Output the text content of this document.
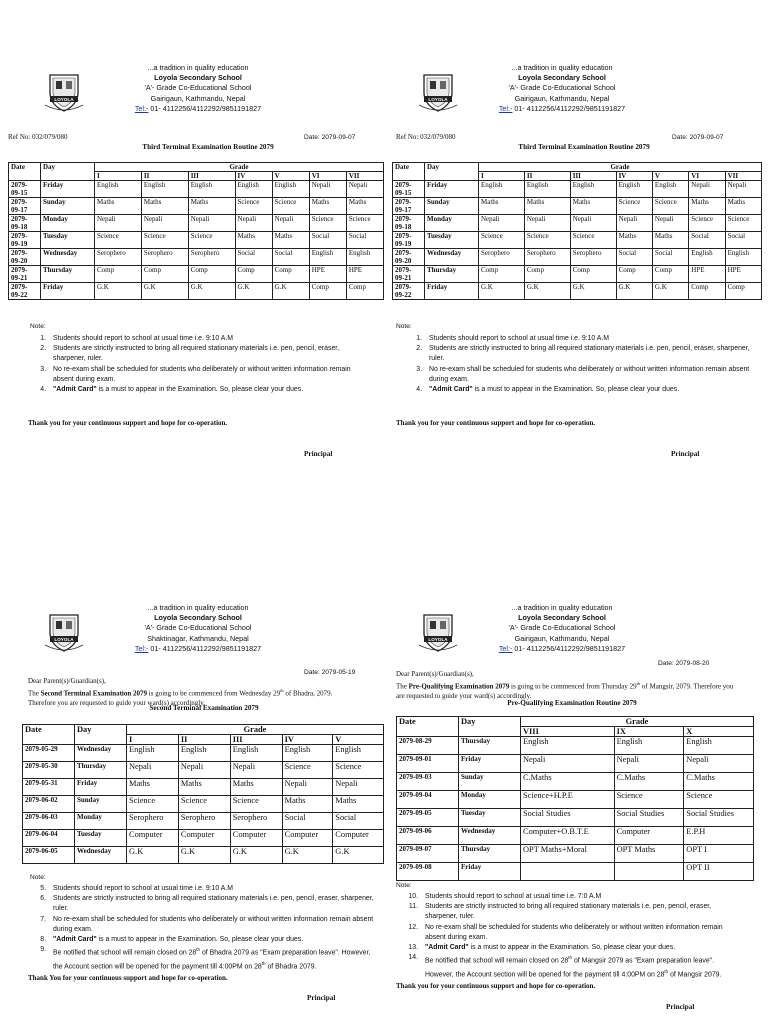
LOYOLA
...a tradition in quality education
Loyola Secondary School
'A'- Grade Co-Educational School
Gairigaun, Kathmandu, Nepal
Tel:- 01- 4112256/4112292/9851191827
Ref No: 032/079/080	Date: 2079-09-07
Third Terminal Examination Routine 2079
Date	Day	Grade						
		I	II	III	IV	V	VI	VII
2079-
09-15	Friday	English	English	English	English	English	Nepali	Nepali
2079-
09-17	Sunday	Maths	Maths	Maths	Science	Science	Maths	Maths
2079-
09-18	Monday	Nepali	Nepali	Nepali	Nepali	Nepali	Science	Science
2079-
09-19	Tuesday	Science	Science	Science	Maths	Maths	Social	Social
2079-
09-20	Wednesday	Serophero	Serophero	Serophero	Social	Social	English	English
2079-
09-21	Thursday	Comp	Comp	Comp	Comp	Comp	HPE	HPE
2079-
09-22	Friday	G.K	G.K	G.K	G.K	G.K	Comp	Comp
Note:
1. Students should report to school at usual time i.e. 9:10 A.M
2. Students are strictly instructed to bring all required stationary materials i.e. pen, pencil, eraser, sharpener, ruler.
3. No re-exam shall be scheduled for students who deliberately or without written information remain absent during exam.
4. "Admit Card" is a must to appear in the Examination. So, please clear your dues.
Thank you for your continuous support and hope for co-operation.
Principal
LOYOLA
...a tradition in quality education
Loyola Secondary School
'A'- Grade Co-Educational School
Gairigaun, Kathmandu, Nepal
Tel:- 01- 4112256/4112292/9851191827
Ref No: 032/079/080	Date: 2079-09-07
Third Terminal Examination Routine 2079
Date	Day	Grade						
		I	II	III	IV	V	VI	VII
2079-
09-15	Friday	English	English	English	English	English	Nepali	Nepali
2079-
09-17	Sunday	Maths	Maths	Maths	Science	Science	Maths	Maths
2079-
09-18	Monday	Nepali	Nepali	Nepali	Nepali	Nepali	Science	Science
2079-
09-19	Tuesday	Science	Science	Science	Maths	Maths	Social	Social
2079-
09-20	Wednesday	Serophero	Serophero	Serophero	Social	Social	English	English
2079-
09-21	Thursday	Comp	Comp	Comp	Comp	Comp	HPE	HPE
2079-
09-22	Friday	G.K	G.K	G.K	G.K	G.K	Comp	Comp
Note:
1. Students should report to school at usual time i.e. 9:10 A.M
2. Students are strictly instructed to bring all required stationary materials i.e. pen, pencil, eraser, sharpener, ruler.
3. No re-exam shall be scheduled for students who deliberately or without written information remain absent during exam.
4. "Admit Card" is a must to appear in the Examination. So, please clear your dues.
Thank you for your continuous support and hope for co-operation.
Principal
LOYOLA
...a tradition in quality education
Loyola Secondary School
'A'- Grade Co-Educational School
Shaktinagar, Kathmandu, Nepal
Tel:- 01- 4112256/4112292/9851191827
Date: 2079-05-19
Dear Parent(s)/Guardian(s),
The Second Terminal Examination 2079 is going to be commenced from Wednesday 29th of Bhadra, 2079. Therefore you are requested to guide your ward(s) accordingly.
Second Terminal Examination 2079
Date	Day	Grade				
		I	II	III	IV	V
2079-05-29	Wednesday	English	English	English	English	English
2079-05-30	Thursday	Nepali	Nepali	Nepali	Science	Science
2079-05-31	Friday	Maths	Maths	Maths	Nepali	Nepali
2079-06-02	Sunday	Science	Science	Science	Maths	Maths
2079-06-03	Monday	Serophero	Serophero	Serophero	Social	Social
2079-06-04	Tuesday	Computer	Computer	Computer	Computer	Computer
2079-06-05	Wednesday	G.K	G.K	G.K	G.K	G.K
Note:
5. Students should report to school at usual time i.e. 9:10 A.M
6. Students are strictly instructed to bring all required stationary materials i.e. pen, pencil, eraser, sharpener, ruler.
7. No re-exam shall be scheduled for students who deliberately or without written information remain absent during exam.
8. "Admit Card" is a must to appear in the Examination. So, please clear your dues.
9. Be notified that school will remain closed on 28th of Bhadra 2079 as "Exam preparation leave". However, the Account section will be opened for the payment till 4:00PM on 28th of Bhadra 2079.
Thank You for your continuous support and hope for co-operation.
Principal
LOYOLA
...a tradition in quality education
Loyola Secondary School
'A'- Grade Co-Educational School
Gairigaun, Kathmandu, Nepal
Tel:- 01- 4112256/4112292/9851191827
Date: 2079-08-20
Dear Parent(s)/Guardian(s),
The Pre-Qualifying Examination 2079 is going to be commenced from Thursday 29th of Mangsir, 2079. Therefore you are requested to guide your ward(s) accordingly.
Pre-Qualifying Examination Routine 2079
Date	Day	Grade		
		VIII	IX	X
2079-08-29	Thursday	English	English	English
2079-09-01	Friday	Nepali	Nepali	Nepali
2079-09-03	Sunday	C.Maths	C.Maths	C.Maths
2079-09-04	Monday	Science+H.P.E	Science	Science
2079-09-05	Tuesday	Social Studies	Social Studies	Social Studies
2079-09-06	Wednesday	Computer+O.B.T.E	Computer	E.P.H
2079-09-07	Thursday	OPT Maths+Moral	OPT Maths	OPT I
2079-09-08	Friday			OPT II
Note:
10. Students should report to school at usual time i.e. 7:0 A.M
11. Students are strictly instructed to bring all required stationary materials i.e. pen, pencil, eraser, sharpener, ruler.
12. No re-exam shall be scheduled for students who deliberately or without written information remain absent during exam.
13. "Admit Card" is a must to appear in the Examination. So, please clear your dues.
14. Be notified that school will remain closed on 28th of Mangsir 2079 as "Exam preparation leave". However, the Account section will be opened for the payment till 4:00PM on 28th of Mangsir 2079.
Thank you for your continuous support and hope for co-operation.
Principal
